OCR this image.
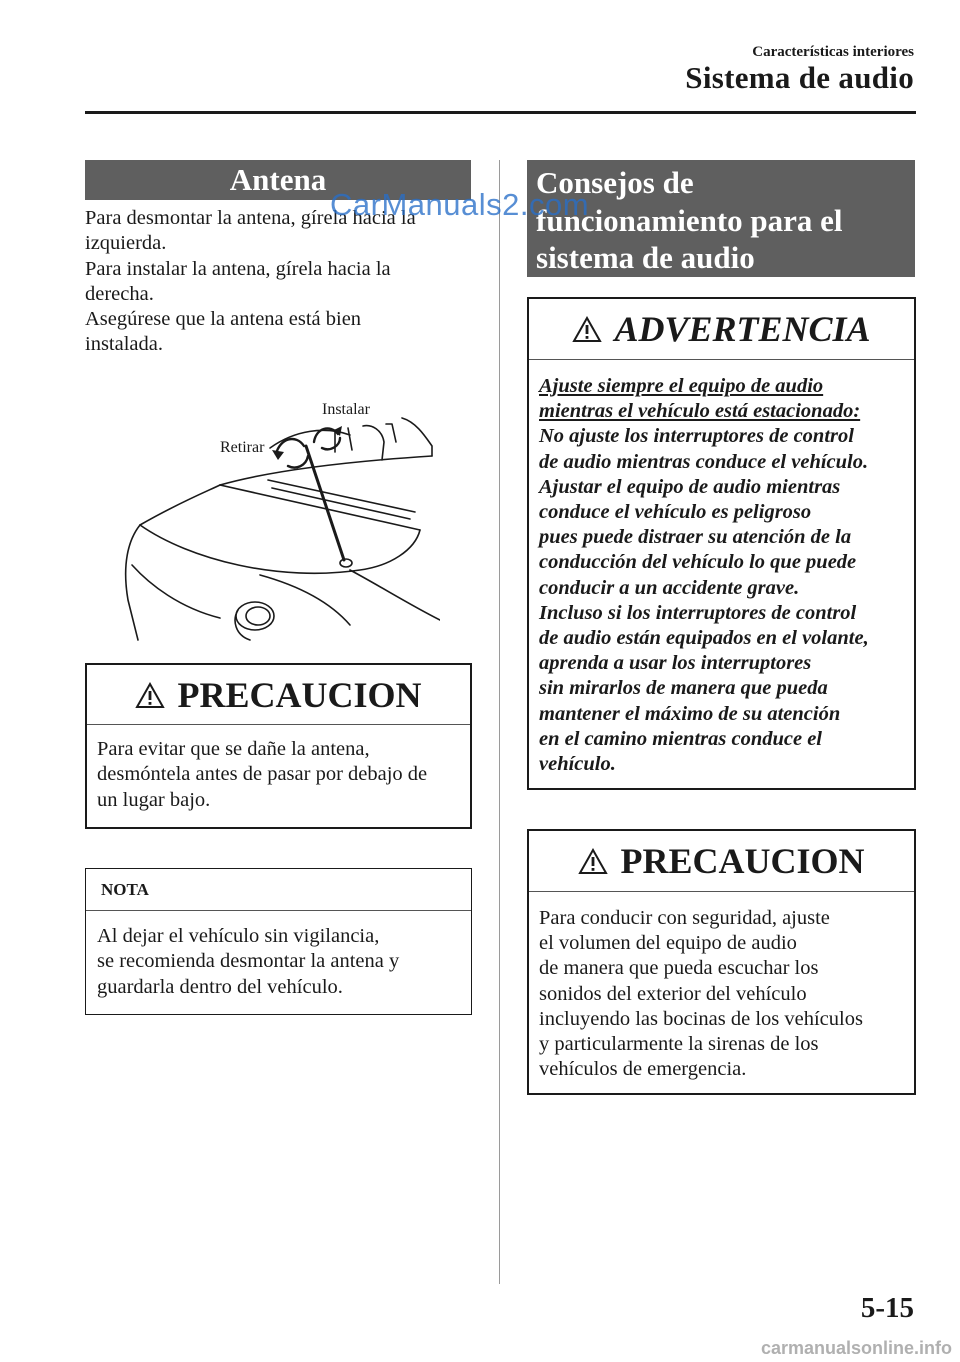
Características interiores
Sistema de audio
Antena

Para desmontar la antena, gírela hacia la

izquierda.

Para instalar la antena, gírela hacia la

derecha.

Asegúrese que la antena está bien

instalada.

Instalar
Retirar
PRECAUCION
Para evitar que se dañe la antena,
desmóntela antes de pasar por debajo de
un lugar bajo.
NOTA
Al dejar el vehículo sin vigilancia,
se recomienda desmontar la antena y
guardarla dentro del vehículo.
Consejos de
funcionamiento para el
sistema de audio
ADVERTENCIA
Ajuste siempre el equipo de audio
mientras el vehículo está estacionado:
No ajuste los interruptores de control
de audio mientras conduce el vehículo.
Ajustar el equipo de audio mientras
conduce el vehículo es peligroso
pues puede distraer su atención de la
conducción del vehículo lo que puede
conducir a un accidente grave.
Incluso si los interruptores de control
de audio están equipados en el volante,
aprenda a usar los interruptores
sin mirarlos de manera que pueda
mantener el máximo de su atención
en el camino mientras conduce el
vehículo.
PRECAUCION
Para conducir con seguridad, ajuste
el volumen del equipo de audio
de manera que pueda escuchar los
sonidos del exterior del vehículo
incluyendo las bocinas de los vehículos
y particularmente la sirenas de los
vehículos de emergencia.
5-15
CarManuals2.com
carmanualsonline.info
